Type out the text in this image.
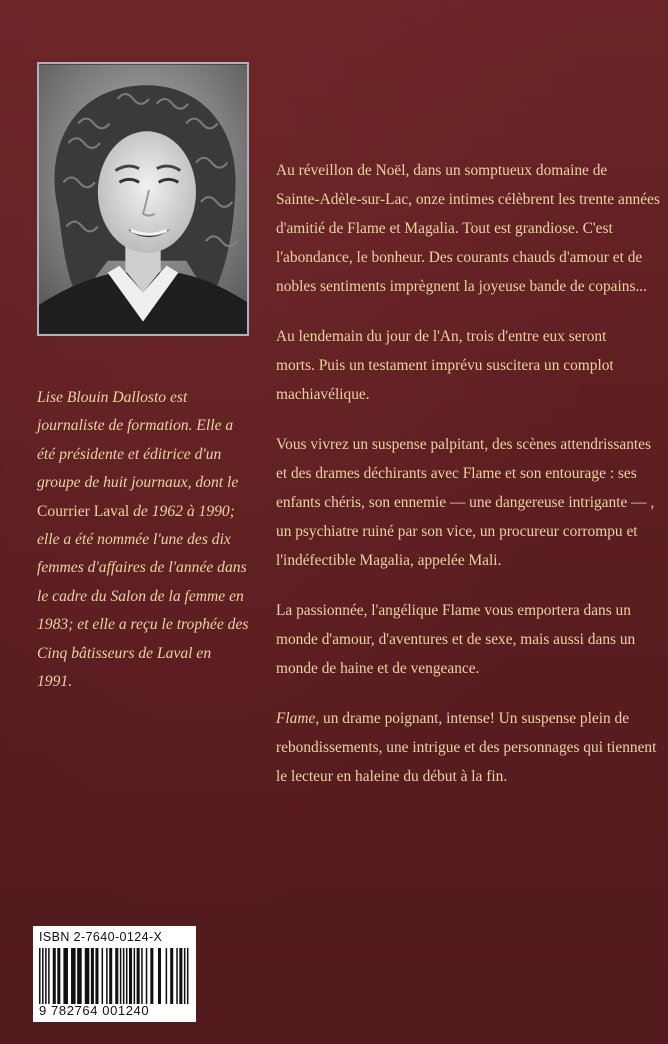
Lise Blouin Dallosto est journaliste de formation. Elle a été présidente et éditrice d'un groupe de huit journaux, dont le Courrier Laval de 1962 à 1990; elle a été nommée l'une des dix femmes d'affaires de l'année dans le cadre du Salon de la femme en 1983; et elle a reçu le trophée des Cinq bâtisseurs de Laval en 1991.

Au réveillon de Noël, dans un somptueux domaine de
Sainte-Adèle-sur-Lac, onze intimes célèbrent les trente années
d'amitié de Flame et Magalia. Tout est grandiose. C'est
l'abondance, le bonheur. Des courants chauds d'amour et de
nobles sentiments imprègnent la joyeuse bande de copains...

Au lendemain du jour de l'An, trois d'entre eux seront
morts. Puis un testament imprévu suscitera un complot
machiavélique.

Vous vivrez un suspense palpitant, des scènes attendrissantes
et des drames déchirants avec Flame et son entourage : ses
enfants chéris, son ennemie — une dangereuse intrigante — ,
un psychiatre ruiné par son vice, un procureur corrompu et
l'indéfectible Magalia, appelée Mali.

La passionnée, l'angélique Flame vous emportera dans un
monde d'amour, d'aventures et de sexe, mais aussi dans un
monde de haine et de vengeance.

Flame, un drame poignant, intense! Un suspense plein de
rebondissements, une intrigue et des personnages qui tiennent
le lecteur en haleine du début à la fin.

ISBN 2-7640-0124-X
9 782764 001240
